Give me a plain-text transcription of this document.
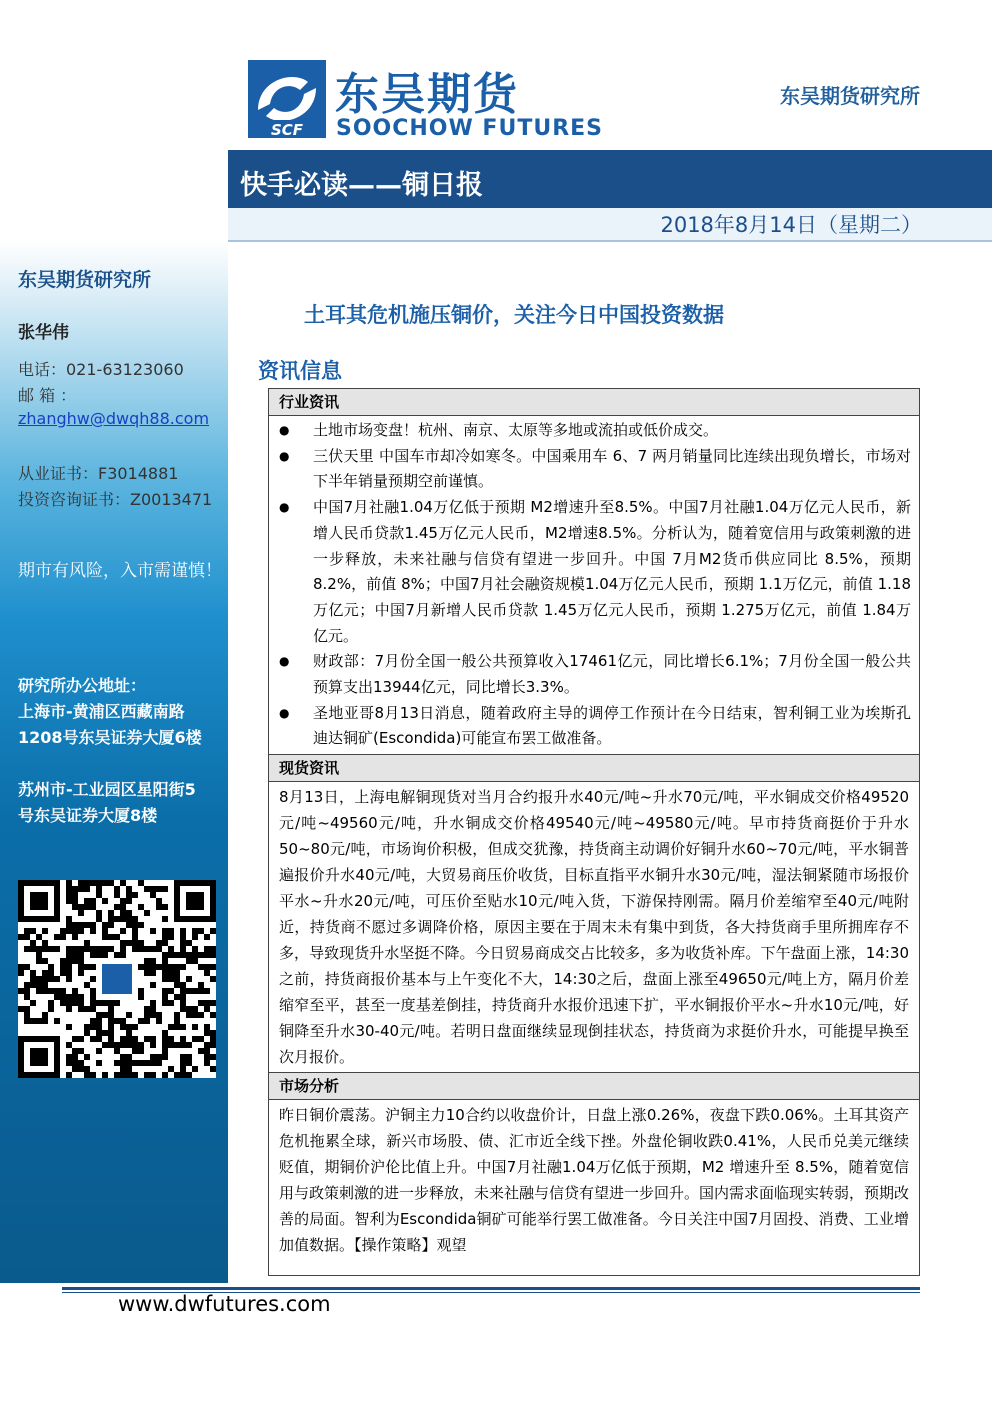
SCF
东吴期货
SOOCHOW FUTURES
东吴期货研究所
快手必读——铜日报
2018年8月14日（星期二）
东吴期货研究所
张华伟
电话：021-63123060
邮 箱 ：
zhanghw@dwqh88.com
从业证书：F3014881
投资咨询证书：Z0013471
期市有风险，入市需谨慎！
研究所办公地址：
上海市-黄浦区西藏南路
1208号东吴证券大厦6楼
苏州市-工业园区星阳街5
号东吴证券大厦8楼
土耳其危机施压铜价，关注今日中国投资数据
资讯信息
行业资讯
● 土地市场变盘！杭州、南京、太原等多地或流拍或低价成交。
● 三伏天里 中国车市却冷如寒冬。中国乘用车 6、7 两月销量同比连续出现负增长，市场对下半年销量预期空前谨慎。
● 中国7月社融1.04万亿低于预期 M2增速升至8.5%。中国7月社融1.04万亿元人民币，新增人民币贷款1.45万亿元人民币，M2增速8.5%。分析认为，随着宽信用与政策刺激的进一步释放，未来社融与信贷有望进一步回升。中国 7月M2货币供应同比 8.5%，预期 8.2%，前值 8%；中国7月社会融资规模1.04万亿元人民币，预期 1.1万亿元，前值 1.18万亿元；中国7月新增人民币贷款 1.45万亿元人民币，预期 1.275万亿元，前值 1.84万亿元。
● 财政部：7月份全国一般公共预算收入17461亿元，同比增长6.1%；7月份全国一般公共预算支出13944亿元，同比增长3.3%。
● 圣地亚哥8月13日消息，随着政府主导的调停工作预计在今日结束，智利铜工业为埃斯孔迪达铜矿(Escondida)可能宣布罢工做准备。
现货资讯
8月13日，上海电解铜现货对当月合约报升水40元/吨~升水70元/吨，平水铜成交价格49520元/吨~49560元/吨，升水铜成交价格49540元/吨~49580元/吨。早市持货商挺价于升水50~80元/吨，市场询价积极，但成交犹豫，持货商主动调价好铜升水60~70元/吨，平水铜普遍报价升水40元/吨，大贸易商压价收货，目标直指平水铜升水30元/吨，湿法铜紧随市场报价平水~升水20元/吨，可压价至贴水10元/吨入货，下游保持刚需。隔月价差缩窄至40元/吨附近，持货商不愿过多调降价格，原因主要在于周末未有集中到货，各大持货商手里所拥库存不多，导致现货升水坚挺不降。今日贸易商成交占比较多，多为收货补库。下午盘面上涨，14:30之前，持货商报价基本与上午变化不大，14:30之后，盘面上涨至49650元/吨上方，隔月价差缩窄至平，甚至一度基差倒挂，持货商升水报价迅速下扩，平水铜报价平水~升水10元/吨，好铜降至升水30-40元/吨。若明日盘面继续显现倒挂状态，持货商为求挺价升水，可能提早换至次月报价。
市场分析
昨日铜价震荡。沪铜主力10合约以收盘价计，日盘上涨0.26%，夜盘下跌0.06%。土耳其资产危机拖累全球，新兴市场股、债、汇市近全线下挫。外盘伦铜收跌0.41%，人民币兑美元继续贬值，期铜价沪伦比值上升。中国7月社融1.04万亿低于预期，M2 增速升至 8.5%，随着宽信用与政策刺激的进一步释放，未来社融与信贷有望进一步回升。国内需求面临现实转弱，预期改善的局面。智利为Escondida铜矿可能举行罢工做准备。今日关注中国7月固投、消费、工业增加值数据。【操作策略】观望
www.dwfutures.com
